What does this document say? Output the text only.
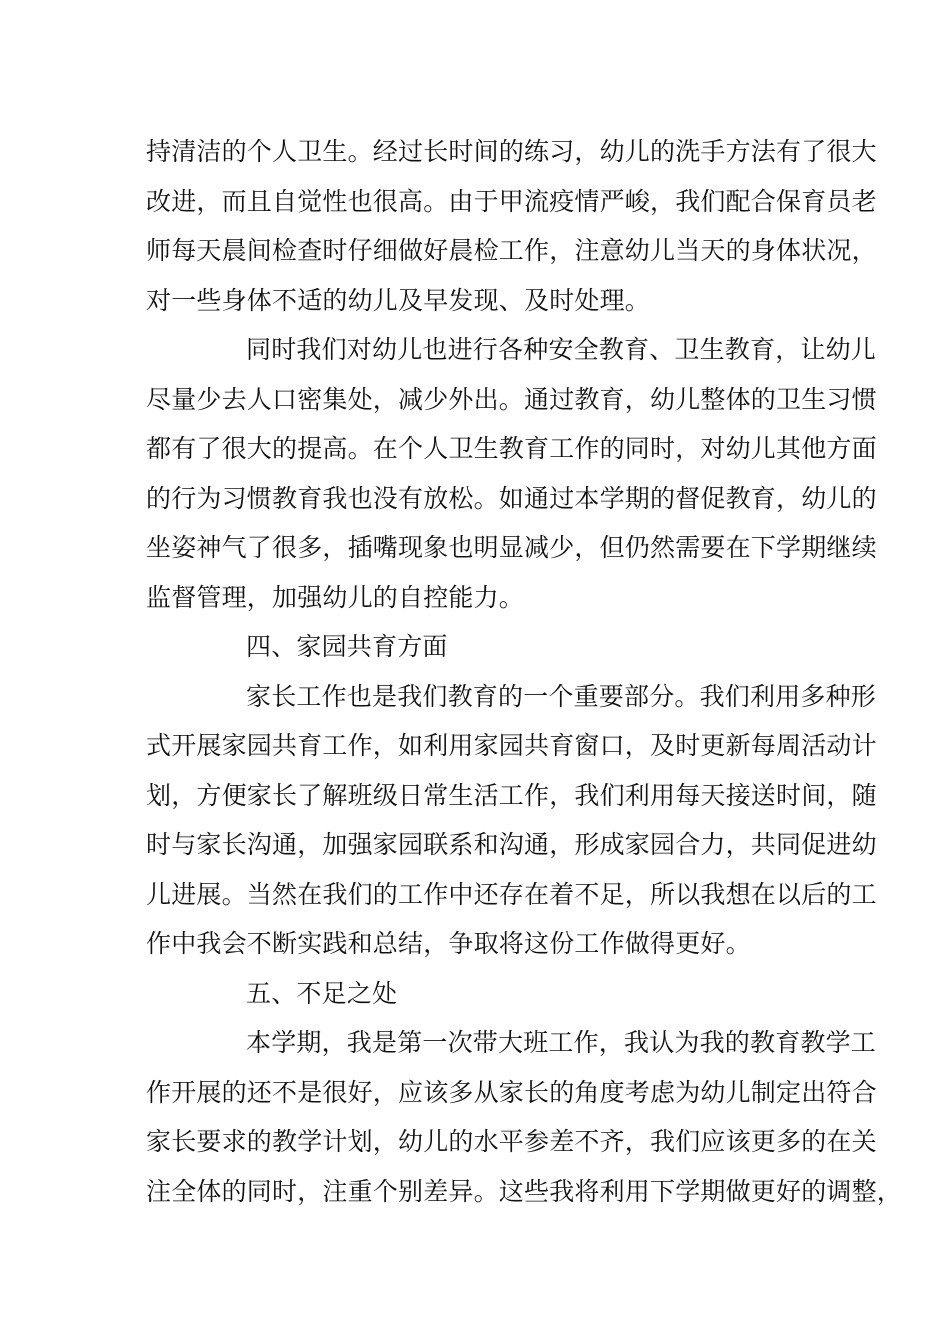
持清洁的个人卫生。经过长时间的练习，幼儿的洗手方法有了很大
改进，而且自觉性也很高。由于甲流疫情严峻，我们配合保育员老
师每天晨间检查时仔细做好晨检工作，注意幼儿当天的身体状况，
对一些身体不适的幼儿及早发现、及时处理。
同时我们对幼儿也进行各种安全教育、卫生教育，让幼儿
尽量少去人口密集处，减少外出。通过教育，幼儿整体的卫生习惯
都有了很大的提高。在个人卫生教育工作的同时，对幼儿其他方面
的行为习惯教育我也没有放松。如通过本学期的督促教育，幼儿的
坐姿神气了很多，插嘴现象也明显减少，但仍然需要在下学期继续
监督管理，加强幼儿的自控能力。
四、家园共育方面
家长工作也是我们教育的一个重要部分。我们利用多种形
式开展家园共育工作，如利用家园共育窗口，及时更新每周活动计
划，方便家长了解班级日常生活工作，我们利用每天接送时间，随
时与家长沟通，加强家园联系和沟通，形成家园合力，共同促进幼
儿进展。当然在我们的工作中还存在着不足，所以我想在以后的工
作中我会不断实践和总结，争取将这份工作做得更好。
五、不足之处
本学期，我是第一次带大班工作，我认为我的教育教学工
作开展的还不是很好，应该多从家长的角度考虑为幼儿制定出符合
家长要求的教学计划，幼儿的水平参差不齐，我们应该更多的在关
注全体的同时，注重个别差异。这些我将利用下学期做更好的调整，
